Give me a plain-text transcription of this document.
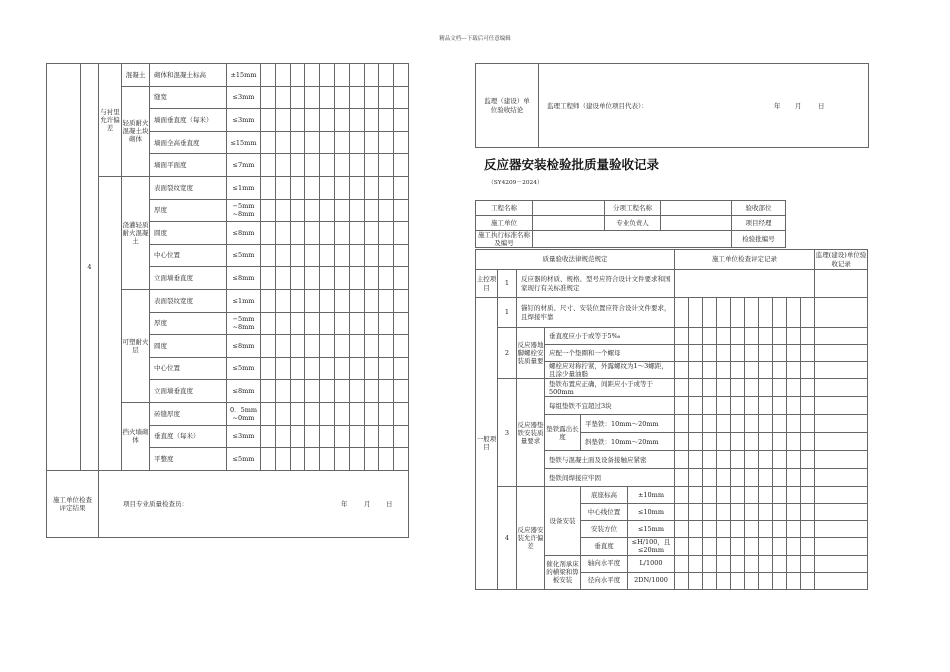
精品文档---下载后可任意编辑
	4	与衬里允许偏差	混凝土	砌体和混凝土标高	±15mm										
			轻质耐火混凝土块砌体	缝宽	≤3mm										
				墙面垂直度（每米）	≤3mm										
				墙面全高垂直度	≤15mm										
				墙面平面度	≤7mm										
			浇灌轻质耐火混凝土	表面裂纹宽度	≤1mm										
				厚度	−5mm ~8mm										
				圆度	≤8mm										
				中心位置	≤5mm										
				立面墙垂直度	≤8mm										
			可塑耐火层	表面裂纹宽度	≤1mm										
				厚度	−5mm ~8mm										
				圆度	≤8mm										
				中心位置	≤5mm										
				立面墙垂直度	≤8mm										
			挡火墙砌体	砖缝厚度	0．5mm ~0mm										
				垂直度（每米）	≤3mm										
				平整度	≤5mm										
施工单位检查评定结果		项目专业质量检查员： 年 月 日													
监理（建设）单位验收结论	监理工程师（建设单位项目代表）：	年 月	日
反应器安装检验批质量验收记录
（SY4209－2024）
工程名称		分项工程名称		验收部位
施工单位		专业负责人		项目经理
施工执行标准名称及编号				检验批编号
质量验收法律规范规定						施工单位检查评定记录										监理(建设)单位验收记录
主控项目	1	反应器的材质、规格、型号应符合设计文件要求和国家现行有关标准规定														
一般项目	1	锚钉的材质、尺寸、安装位置应符合设计文件要求，且焊接牢靠														
	2	反应器地脚螺栓安装质量要	垂直度应小于或等于5‰													
			应配一个垫圈和一个螺母													
			螺栓应对称拧紧，外露螺纹为1～3螺距，且涂少量油脂													
	3	反应器垫铁安装质量要求	垫铁布置应正确，间距应小于或等于500mm													
			每组垫铁不宜超过3块													
			垫铁露出长度	平垫铁：10mm～20mm												
				斜垫铁：10mm～20mm												
			垫铁与混凝土面及设备接触应紧密													
			垫铁间焊接应牢固													
	4	反应器安装允许偏差	设备安装	底座标高	±10mm											
				中心线位置	≤10mm											
				安装方位	≤15mm											
				垂直度	≤H/100，且≤20mm											
			催化剂承床的横梁和箅板安装	轴向水平度	L/1000											
				径向水平度	2DN/1000											
